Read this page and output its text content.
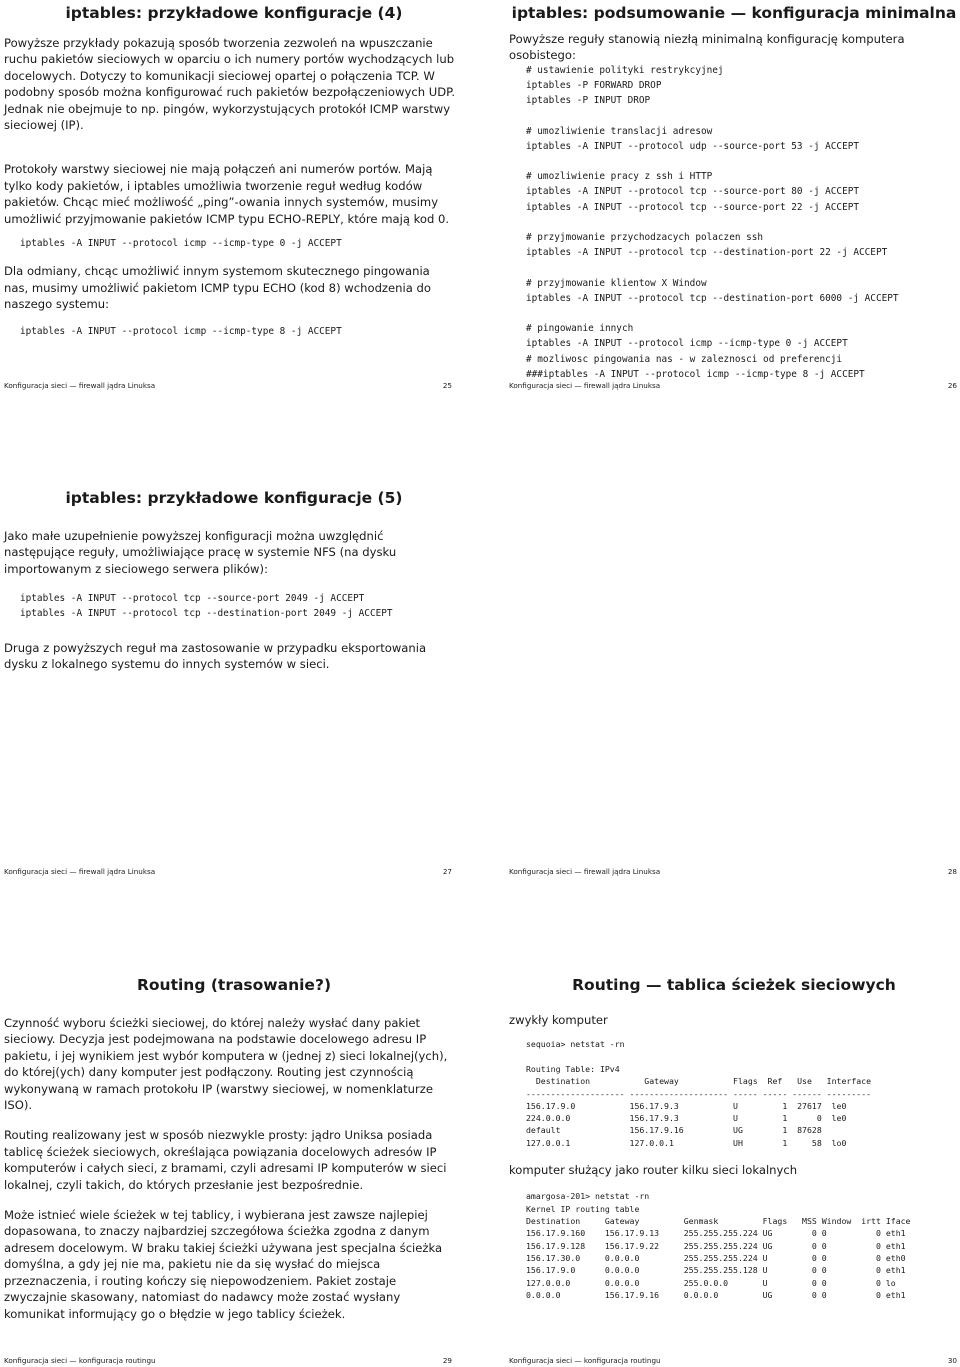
iptables: przykładowe konfiguracje (4)

Powyższe przykłady pokazują sposób tworzenia zezwoleń na wpuszczanie ruchu pakietów sieciowych w oparciu o ich numery portów wychodzących lub docelowych. Dotyczy to komunikacji sieciowej opartej o połączenia TCP. W podobny sposób można konfigurować ruch pakietów bezpołączeniowych UDP. Jednak nie obejmuje to np. pingów, wykorzystujących protokół ICMP warstwy sieciowej (IP).

Protokoły warstwy sieciowej nie mają połączeń ani numerów portów. Mają tylko kody pakietów, i iptables umożliwia tworzenie reguł według kodów pakietów. Chcąc mieć możliwość „ping”-owania innych systemów, musimy umożliwić przyjmowanie pakietów ICMP typu ECHO-REPLY, które mają kod 0.

iptables -A INPUT --protocol icmp --icmp-type 0 -j ACCEPT

Dla odmiany, chcąc umożliwić innym systemom skutecznego pingowania nas, musimy umożliwić pakietom ICMP typu ECHO (kod 8) wchodzenia do naszego systemu:

iptables -A INPUT --protocol icmp --icmp-type 8 -j ACCEPT
Konfiguracja sieci — firewall jądra Linuksa	25
iptables: podsumowanie — konfiguracja minimalna

Powyższe reguły stanowią niezłą minimalną konfigurację komputera osobistego:

# ustawienie polityki restrykcyjnej
iptables -P FORWARD DROP
iptables -P INPUT DROP

# umozliwienie translacji adresow
iptables -A INPUT --protocol udp --source-port 53 -j ACCEPT

# umozliwienie pracy z ssh i HTTP
iptables -A INPUT --protocol tcp --source-port 80 -j ACCEPT
iptables -A INPUT --protocol tcp --source-port 22 -j ACCEPT

# przyjmowanie przychodzacych polaczen ssh
iptables -A INPUT --protocol tcp --destination-port 22 -j ACCEPT

# przyjmowanie klientow X Window
iptables -A INPUT --protocol tcp --destination-port 6000 -j ACCEPT

# pingowanie innych
iptables -A INPUT --protocol icmp --icmp-type 0 -j ACCEPT
# mozliwosc pingowania nas - w zaleznosci od preferencji
###iptables -A INPUT --protocol icmp --icmp-type 8 -j ACCEPT
Konfiguracja sieci — firewall jądra Linuksa	26
iptables: przykładowe konfiguracje (5)

Jako małe uzupełnienie powyższej konfiguracji można uwzględnić następujące reguły, umożliwiające pracę w systemie NFS (na dysku importowanym z sieciowego serwera plików):

iptables -A INPUT --protocol tcp --source-port 2049 -j ACCEPT
iptables -A INPUT --protocol tcp --destination-port 2049 -j ACCEPT

Druga z powyższych reguł ma zastosowanie w przypadku eksportowania dysku z lokalnego systemu do innych systemów w sieci.

Konfiguracja sieci — firewall jądra Linuksa	27	Konfiguracja sieci — firewall jądra Linuksa	28
Routing (trasowanie?)

Czynność wyboru ścieżki sieciowej, do której należy wysłać dany pakiet sieciowy. Decyzja jest podejmowana na podstawie docelowego adresu IP pakietu, i jej wynikiem jest wybór komputera w (jednej z) sieci lokalnej(ych), do której(ych) dany komputer jest podłączony. Routing jest czynnością wykonywaną w ramach protokołu IP (warstwy sieciowej, w nomenklaturze ISO).

Routing realizowany jest w sposób niezwykle prosty: jądro Uniksa posiada tablicę ścieżek sieciowych, określająca powiązania docelowych adresów IP komputerów i całych sieci, z bramami, czyli adresami IP komputerów w sieci lokalnej, czyli takich, do których przesłanie jest bezpośrednie.

Może istnieć wiele ścieżek w tej tablicy, i wybierana jest zawsze najlepiej dopasowana, to znaczy najbardziej szczegółowa ścieżka zgodna z danym adresem docelowym. W braku takiej ścieżki używana jest specjalna ścieżka domyślna, a gdy jej nie ma, pakietu nie da się wysłać do miejsca przeznaczenia, i routing kończy się niepowodzeniem. Pakiet zostaje zwyczajnie skasowany, natomiast do nadawcy może zostać wysłany komunikat informujący go o błędzie w jego tablicy ścieżek.

Konfiguracja sieci — konfiguracja routingu	29
Routing — tablica ścieżek sieciowych

zwykły komputer

sequoia> netstat -rn

Routing Table: IPv4
Destination           Gateway           Flags  Ref   Use   Interface
-------------------- -------------------- ----- ----- ------ ---------
156.17.9.0           156.17.9.3           U         1  27617  le0
224.0.0.0            156.17.9.3           U         1      0  le0
default              156.17.9.16          UG        1  87628
127.0.0.1            127.0.0.1            UH        1     58  lo0

komputer służący jako router kilku sieci lokalnych

amargosa-201> netstat -rn
Kernel IP routing table
Destination     Gateway         Genmask         Flags   MSS Window  irtt Iface
156.17.9.160    156.17.9.13     255.255.255.224 UG        0 0          0 eth1
156.17.9.128    156.17.9.22     255.255.255.224 UG        0 0          0 eth1
156.17.30.0     0.0.0.0         255.255.255.224 U         0 0          0 eth0
156.17.9.0      0.0.0.0         255.255.255.128 U         0 0          0 eth1
127.0.0.0       0.0.0.0         255.0.0.0       U         0 0          0 lo
0.0.0.0         156.17.9.16     0.0.0.0         UG        0 0          0 eth1
Konfiguracja sieci — konfiguracja routingu	30
